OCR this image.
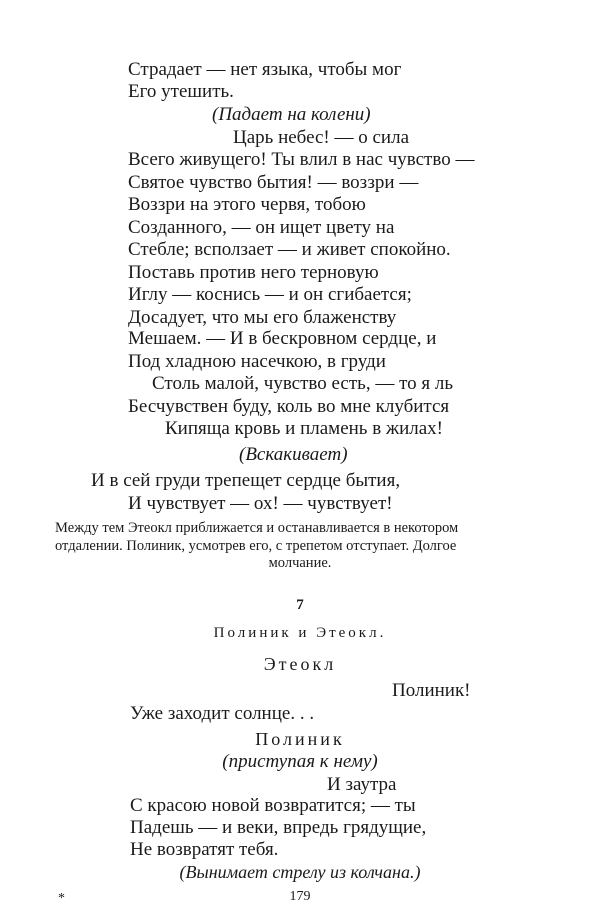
Страдает — нет языка, чтобы мог
Его утешить.
(Падает на колени)
Царь небес! — о сила
Всего живущего! Ты влил в нас чувство —
Святое чувство бытия! — воззри —
Воззри на этого червя, тобою
Созданного, — он ищет цвету на
Стебле; всползает — и живет спокойно.
Поставь против него терновую
Иглу — коснись — и он сгибается;
Досадует, что мы его блаженству
Мешаем. — И в бескровном сердце, и
Под хладною насечкою, в груди
Столь малой, чувство есть, — то я ль
Бесчувствен буду, коль во мне клубится
Кипяща кровь и пламень в жилах!
(Вскакивает)
И в сей груди трепещет сердце бытия,
И чувствует — ох! — чувствует!
Между тем Этеокл приближается и останавливается в некотором
отдалении. Полиник, усмотрев его, с трепетом отступает. Долгое
молчание.
7
Полиник и Этеокл.
Этеокл
Полиник!
Уже заходит солнце. . .
Полиник
(приступая к нему)
И заутра
С красою новой возвратится; — ты
Падешь — и веки, впредь грядущие,
Не возвратят тебя.
(Вынимает стрелу из колчана.)
*	179
